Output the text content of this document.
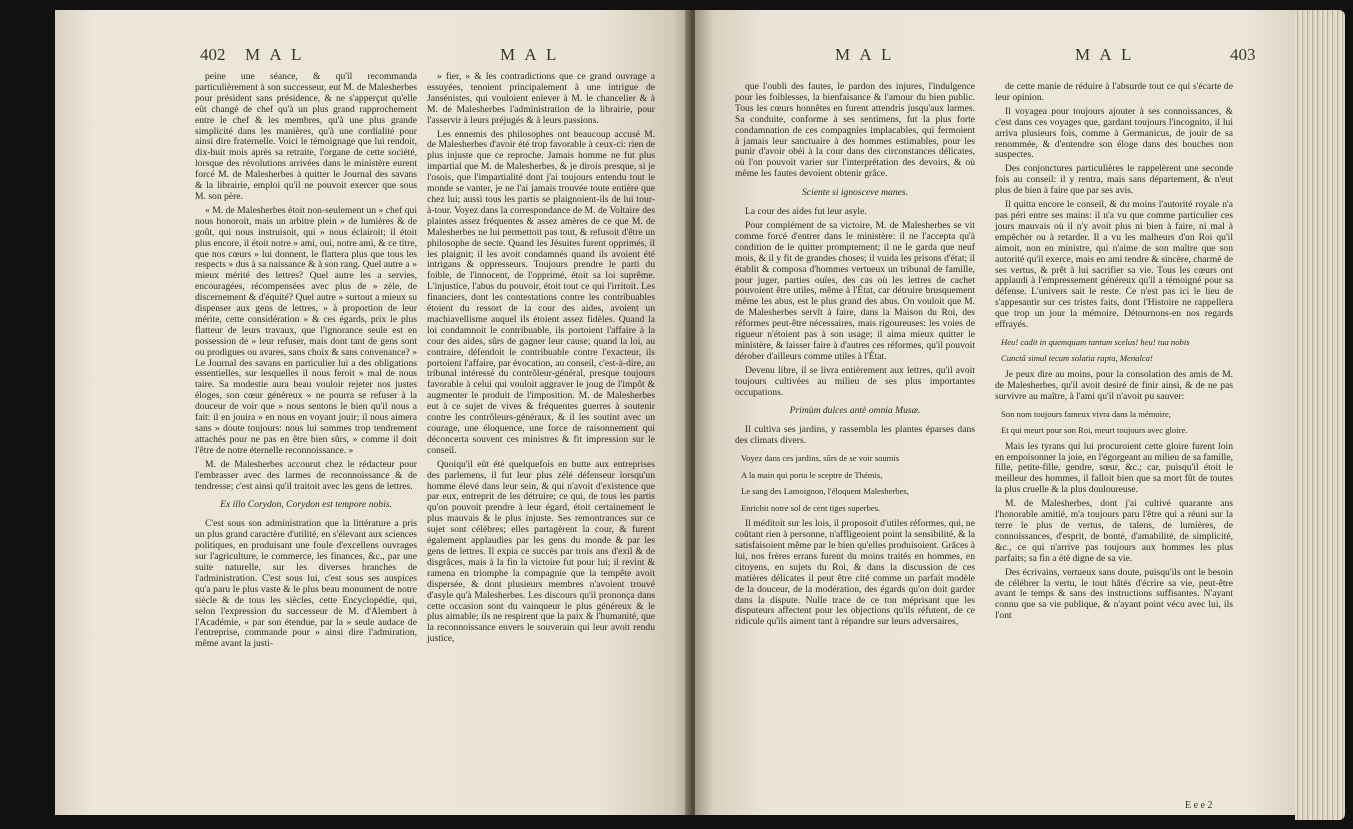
402 M A L	M A L

peine une séance, & qu'il recommanda particulièrement à son successeur, eut M. de Malesherbes pour président sans présidence, & ne s'apperçut qu'elle eût changé de chef qu'à un plus grand rapprochement entre le chef & les membres, qu'à une plus grande simplicité dans les manières, qu'à une cordialité pour ainsi dire fraternelle. Voici le témoignage que lui rendoit, dix-huit mois après sa retraite, l'organe de cette société, lorsque des révolutions arrivées dans le ministère eurent forcé M. de Malesherbes à quitter le Journal des savans & la librairie, emploi qu'il ne pouvoit exercer que sous M. son père.

« M. de Malesherbes étoit non-seulement un » chef qui nous honoroit, mais un arbitre plein » de lumières & de goût, qui nous instruisoit, qui » nous éclairoit; il étoit plus encore, il étoit notre » ami, oui, notre ami, & ce titre, que nos cœurs » lui donnent, le flattera plus que tous les respects » dus à sa naissance & à son rang. Quel autre a » mieux mérité des lettres? Quel autre les a servies, encouragées, récompensées avec plus de » zèle, de discernement & d'équité? Quel autre » surtout a mieux su dispenser aux gens de lettres, » à proportion de leur mérite, cette considération » & ces égards, prix le plus flatteur de leurs travaux, que l'ignorance seule est en possession de » leur refuser, mais dont tant de gens sont ou prodigues ou avares, sans choix & sans convenance? » Le Journal des savans en particulier lui a des obligations essentielles, sur lesquelles il nous feroit » mal de nous taire. Sa modestie aura beau vouloir rejeter nos justes éloges, son cœur généreux » ne pourra se refuser à la douceur de voir que » nous sentons le bien qu'il nous a fait: il en jouira » en nous en voyant jouir; il nous aimera sans » doute toujours: nous lui sommes trop tendrement attachés pour ne pas en être bien sûrs, » comme il doit l'être de notre éternelle reconnoissance. »

M. de Malesherbes accourut chez le rédacteur pour l'embrasser avec des larmes de reconnoissance & de tendresse; c'est ainsi qu'il traitoit avec les gens de lettres.

Ex illo Corydon, Corydon est tempore nobis.

C'est sous son administration que la littérature a pris un plus grand caractère d'utilité, en s'élevant aux sciences politiques, en produisant une foule d'excellens ouvrages sur l'agriculture, le commerce, les finances, &c., par une suite naturelle, sur les diverses branches de l'administration. C'est sous lui, c'est sous ses auspices qu'a paru le plus vaste & le plus beau monument de notre siècle & de tous les siècles, cette Encyclopédie, qui, selon l'expression du successeur de M. d'Alembert à l'Académie, « par son étendue, par la » seule audace de l'entreprise, commande pour » ainsi dire l'admiration, même avant la justi-

» fier, » & les contradictions que ce grand ouvrage a essuyées, tenoient principalement à une intrigue de Jansénistes, qui vouloient enlever à M. le chancelier & à M. de Malesherbes l'administration de la librairie, pour l'asservir à leurs préjugés & à leurs passions.

Les ennemis des philosophes ont beaucoup accusé M. de Malesherbes d'avoir été trop favorable à ceux-ci: rien de plus injuste que ce reproche. Jamais homme ne fut plus impartial que M. de Malesherbes, & je dirois presque, si je l'osois, que l'impartialité dont j'ai toujours entendu tout le monde se vanter, je ne l'ai jamais trouvée toute entière que chez lui; aussi tous les partis se plaignoient-ils de lui tour-à-tour. Voyez dans la correspondance de M. de Voltaire des plaintes assez fréquentes & assez amères de ce que M. de Malesherbes ne lui permettoit pas tout, & refusoit d'être un philosophe de secte. Quand les Jésuites furent opprimés, il les plaignit; il les avoit condamnés quand ils avoient été intrigans & oppresseurs. Toujours prendre le parti du foible, de l'innocent, de l'opprimé, étoit sa loi suprême. L'injustice, l'abus du pouvoir, étoit tout ce qui l'irritoit. Les financiers, dont les contestations contre les contribuables étoient du ressort de la cour des aides, avoient un machiavellisme auquel ils étoient assez fidèles. Quand la loi condamnoit le contribuable, ils portoient l'affaire à la cour des aides, sûrs de gagner leur cause; quand la loi, au contraire, défendoit le contribuable contre l'exacteur, ils portoient l'affaire, par évocation, au conseil, c'est-à-dire, au tribunal intéressé du contrôleur-général, presque toujours favorable à celui qui vouloit aggraver le joug de l'impôt & augmenter le produit de l'imposition. M. de Malesherbes eut à ce sujet de vives & fréquentes guerres à soutenir contre les contrôleurs-généraux, & il les soutint avec un courage, une éloquence, une force de raisonnement qui déconcerta souvent ces ministres & fit impression sur le conseil.

Quoiqu'il eût été quelquefois en butte aux entreprises des parlemens, il fut leur plus zélé défenseur lorsqu'un homme élevé dans leur sein, & qui n'avoit d'existence que par eux, entreprit de les détruire; ce qui, de tous les partis qu'on pouvoit prendre à leur égard, étoit certainement le plus mauvais & le plus injuste. Ses remontrances sur ce sujet sont célèbres; elles partagèrent la cour, & furent également applaudies par les gens du monde & par les gens de lettres. Il expia ce succès par trois ans d'exil & de disgrâces, mais à la fin la victoire fut pour lui; il revint & ramena en triomphe la compagnie que la tempête avoit dispersée, & dont plusieurs membres n'avoient trouvé d'asyle qu'à Malesherbes. Les discours qu'il prononça dans cette occasion sont du vainqueur le plus généreux & le plus aimable; ils ne respirent que la paix & l'humanité, que la reconnoissance envers le souverain qui leur avoit rendu justice,

M A L	M A L	403

que l'oubli des fautes, le pardon des injures, l'indulgence pour les foiblesses, la bienfaisance & l'amour du bien public. Tous les cœurs honnêtes en furent attendris jusqu'aux larmes. Sa conduite, conforme à ses sentimens, fut la plus forte condamnation de ces compagnies implacables, qui fermoient à jamais leur sanctuaire à des hommes estimables, pour les punir d'avoir obéi à la cour dans des circonstances délicates, où l'on pouvoit varier sur l'interprétation des devoirs, & où même les fautes devoient obtenir grâce.

Sciente si ignosceve manes.

La cour des aides fut leur asyle.

Pour complément de sa victoire, M. de Malesherbes se vit comme forcé d'entrer dans le ministère: il ne l'accepta qu'à condition de le quitter promptement; il ne le garda que neuf mois, & il y fit de grandes choses; il vuida les prisons d'état; il établit & composa d'hommes vertueux un tribunal de famille, pour juger, parties ouïes, des cas où les lettres de cachet pouvoient être utiles, même à l'État, car détruire brusquement même les abus, est le plus grand des abus. On vouloit que M. de Malesherbes servît à faire, dans la Maison du Roi, des réformes peut-être nécessaires, mais rigoureuses: les voies de rigueur n'étoient pas à son usage; il aima mieux quitter le ministère, & laisser faire à d'autres ces réformes, qu'il pouvoit dérober d'ailleurs comme utiles à l'État.

Devenu libre, il se livra entièrement aux lettres, qu'il avoit toujours cultivées au milieu de ses plus importantes occupations.

Primùm dulces antè omnia Musæ.

Il cultiva ses jardins, y rassembla les plantes éparses dans des climats divers.

Voyez dans ces jardins, sûrs de se voir soumis

A la main qui porta le sceptre de Thémis,

Le sang des Lamoignon, l'éloquent Malesherbes,

Enrichit notre sol de cent tiges superbes.

Il méditoit sur les lois, il proposoit d'utiles réformes, qui, ne coûtant rien à personne, n'affligeoient point la sensibilité, & la satisfaisoient même par le bien qu'elles produisoient. Grâces à lui, nos frères errans furent du moins traités en hommes, en citoyens, en sujets du Roi, & dans la discussion de ces matières délicates il peut être cité comme un parfait modèle de la douceur, de la modération, des égards qu'on doit garder dans la dispute. Nulle trace de ce ton méprisant que les disputeurs affectent pour les objections qu'ils réfutent, de ce ridicule qu'ils aiment tant à répandre sur leurs adversaires,

de cette manie de réduire à l'absurde tout ce qui s'écarte de leur opinion.

Il voyagea pour toujours ajouter à ses connoissances, & c'est dans ces voyages que, gardant toujours l'incognito, il lui arriva plusieurs fois, comme à Germanicus, de jouir de sa renommée, & d'entendre son éloge dans des bouches non suspectes.

Des conjonctures particulières le rappelèrent une seconde fois au conseil: il y rentra, mais sans département, & n'eut plus de bien à faire que par ses avis.

Il quitta encore le conseil, & du moins l'autorité royale n'a pas péri entre ses mains: il n'a vu que comme particulier ces jours mauvais où il n'y avoit plus ni bien à faire, ni mal à empêcher ou à retarder. Il a vu les malheurs d'un Roi qu'il aimoit, non en ministre, qui n'aime de son maître que son autorité qu'il exerce, mais en ami tendre & sincère, charmé de ses vertus, & prêt à lui sacrifier sa vie. Tous les cœurs ont applaudi à l'empressement généreux qu'il a témoigné pour sa défense. L'univers sait le reste. Ce n'est pas ici le lieu de s'appesantir sur ces tristes faits, dont l'Histoire ne rappellera que trop un jour la mémoire. Détournons-en nos regards effrayés.

Heu! cadit in quemquam tantum scelus! heu! tua nobis

Cunctâ simul tecum solatia rapta, Menalca!

Je peux dire au moins, pour la consolation des amis de M. de Malesherbes, qu'il avoit desiré de finir ainsi, & de ne pas survivre au maître, à l'ami qu'il n'avoit pu sauver:

Son nom toujours fameux vivra dans la mémoire,

Et qui meurt pour son Roi, meurt toujours avec gloire.

Mais les tyrans qui lui procuroient cette gloire furent loin en empoisonner la joie, en l'égorgeant au milieu de sa famille, fille, petite-fille, gendre, sœur, &c.; car, puisqu'il étoit le meilleur des hommes, il falloit bien que sa mort fût de toutes la plus cruelle & la plus douloureuse.

M. de Malesherbes, dont j'ai cultivé quarante ans l'honorable amitié, m'a toujours paru l'être qui a réuni sur la terre le plus de vertus, de talens, de lumières, de connoissances, d'esprit, de bonté, d'amabilité, de simplicité, &c., ce qui n'arrive pas toujours aux hommes les plus parfaits; sa fin a été digne de sa vie.

Des écrivains, vertueux sans doute, puisqu'ils ont le besoin de célébrer la vertu, le tout hâtés d'écrire sa vie, peut-être avant le temps & sans des instructions suffisantes. N'ayant connu que sa vie publique, & n'ayant point vécu avec lui, ils l'ont

E e e 2
